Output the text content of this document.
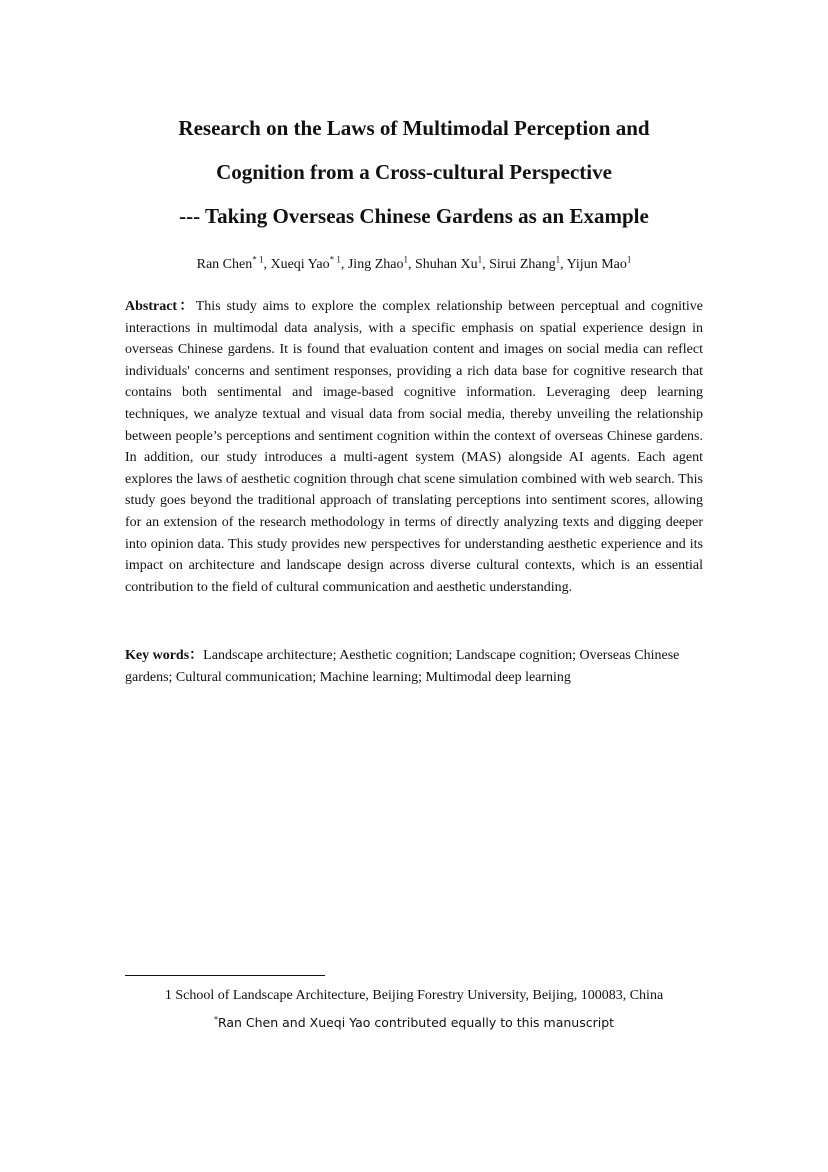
Research on the Laws of Multimodal Perception and

Cognition from a Cross-cultural Perspective

--- Taking Overseas Chinese Gardens as an Example

Ran Chen$^{* 1}$, Xueqi Yao$^{* 1}$, Jing Zhao$^1$, Shuhan Xu$^1$, Sirui Zhang$^1$, Yijun Mao$^1$

Abstract：This study aims to explore the complex relationship between perceptual and cognitive interactions in multimodal data analysis, with a specific emphasis on spatial experience design in overseas Chinese gardens. It is found that evaluation content and images on social media can reflect individuals' concerns and sentiment responses, providing a rich data base for cognitive research that contains both sentimental and image-based cognitive information. Leveraging deep learning techniques, we analyze textual and visual data from social media, thereby unveiling the relationship between people’s perceptions and sentiment cognition within the context of overseas Chinese gardens. In addition, our study introduces a multi-agent system (MAS) alongside AI agents. Each agent explores the laws of aesthetic cognition through chat scene simulation combined with web search. This study goes beyond the traditional approach of translating perceptions into sentiment scores, allowing for an extension of the research methodology in terms of directly analyzing texts and digging deeper into opinion data. This study provides new perspectives for understanding aesthetic experience and its impact on architecture and landscape design across diverse cultural contexts, which is an essential contribution to the field of cultural communication and aesthetic understanding.

Key words：Landscape architecture; Aesthetic cognition; Landscape cognition; Overseas Chinese gardens; Cultural communication; Machine learning; Multimodal deep learning

1 School of Landscape Architecture, Beijing Forestry University, Beijing, 100083, China
*Ran Chen and Xueqi Yao contributed equally to this manuscript
